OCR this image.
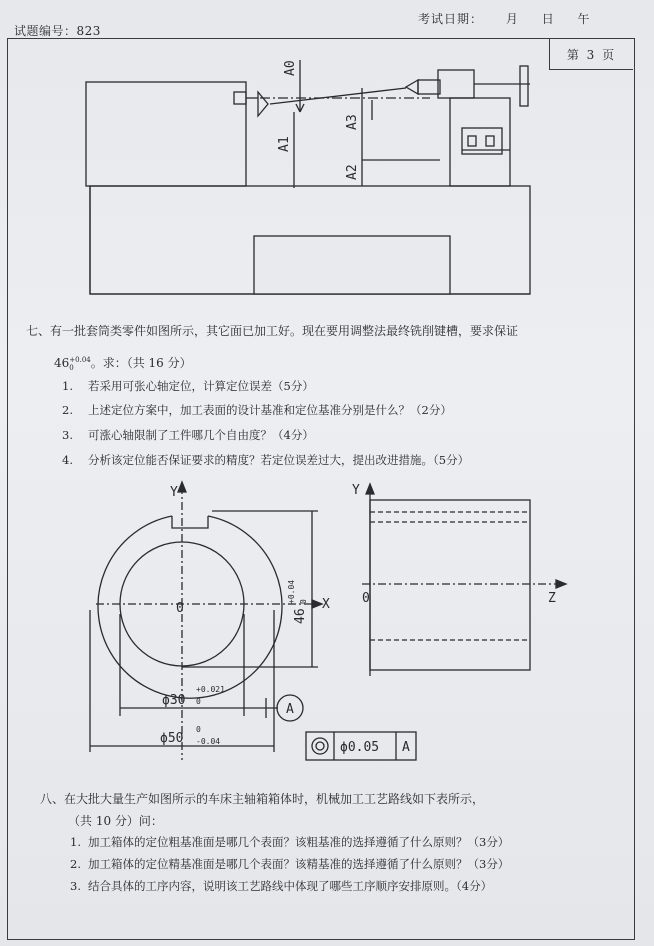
试题编号：823
考试日期： 月 日 午
第 3 页
A0
A1
A3
A2
七、有一批套筒类零件如图所示，其它面已加工好。现在要用调整法最终铣削键槽，要求保证
46 +0.04
0	。求：（共 16 分）
1. 若采用可张心轴定位，计算定位误差（5分）
2. 上述定位方案中，加工表面的设计基准和定位基准分别是什么？（2分）
3. 可涨心轴限制了工件哪几个自由度？（4分）
4. 分析该定位能否保证要求的精度？若定位误差过大，提出改进措施。（5分）
Y
X
0
Y
Z
0
46
+0.04 0
ϕ30
+0.021
0
ϕ50
0
-0.04
A
ϕ0.05 A
八、在大批大量生产如图所示的车床主轴箱箱体时，机械加工工艺路线如下表所示，
（共 10 分）问：
1. 加工箱体的定位粗基准面是哪几个表面？该粗基准的选择遵循了什么原则？（3分）
2. 加工箱体的定位精基准面是哪几个表面？该精基准的选择遵循了什么原则？（3分）
3. 结合具体的工序内容，说明该工艺路线中体现了哪些工序顺序安排原则。（4分）
